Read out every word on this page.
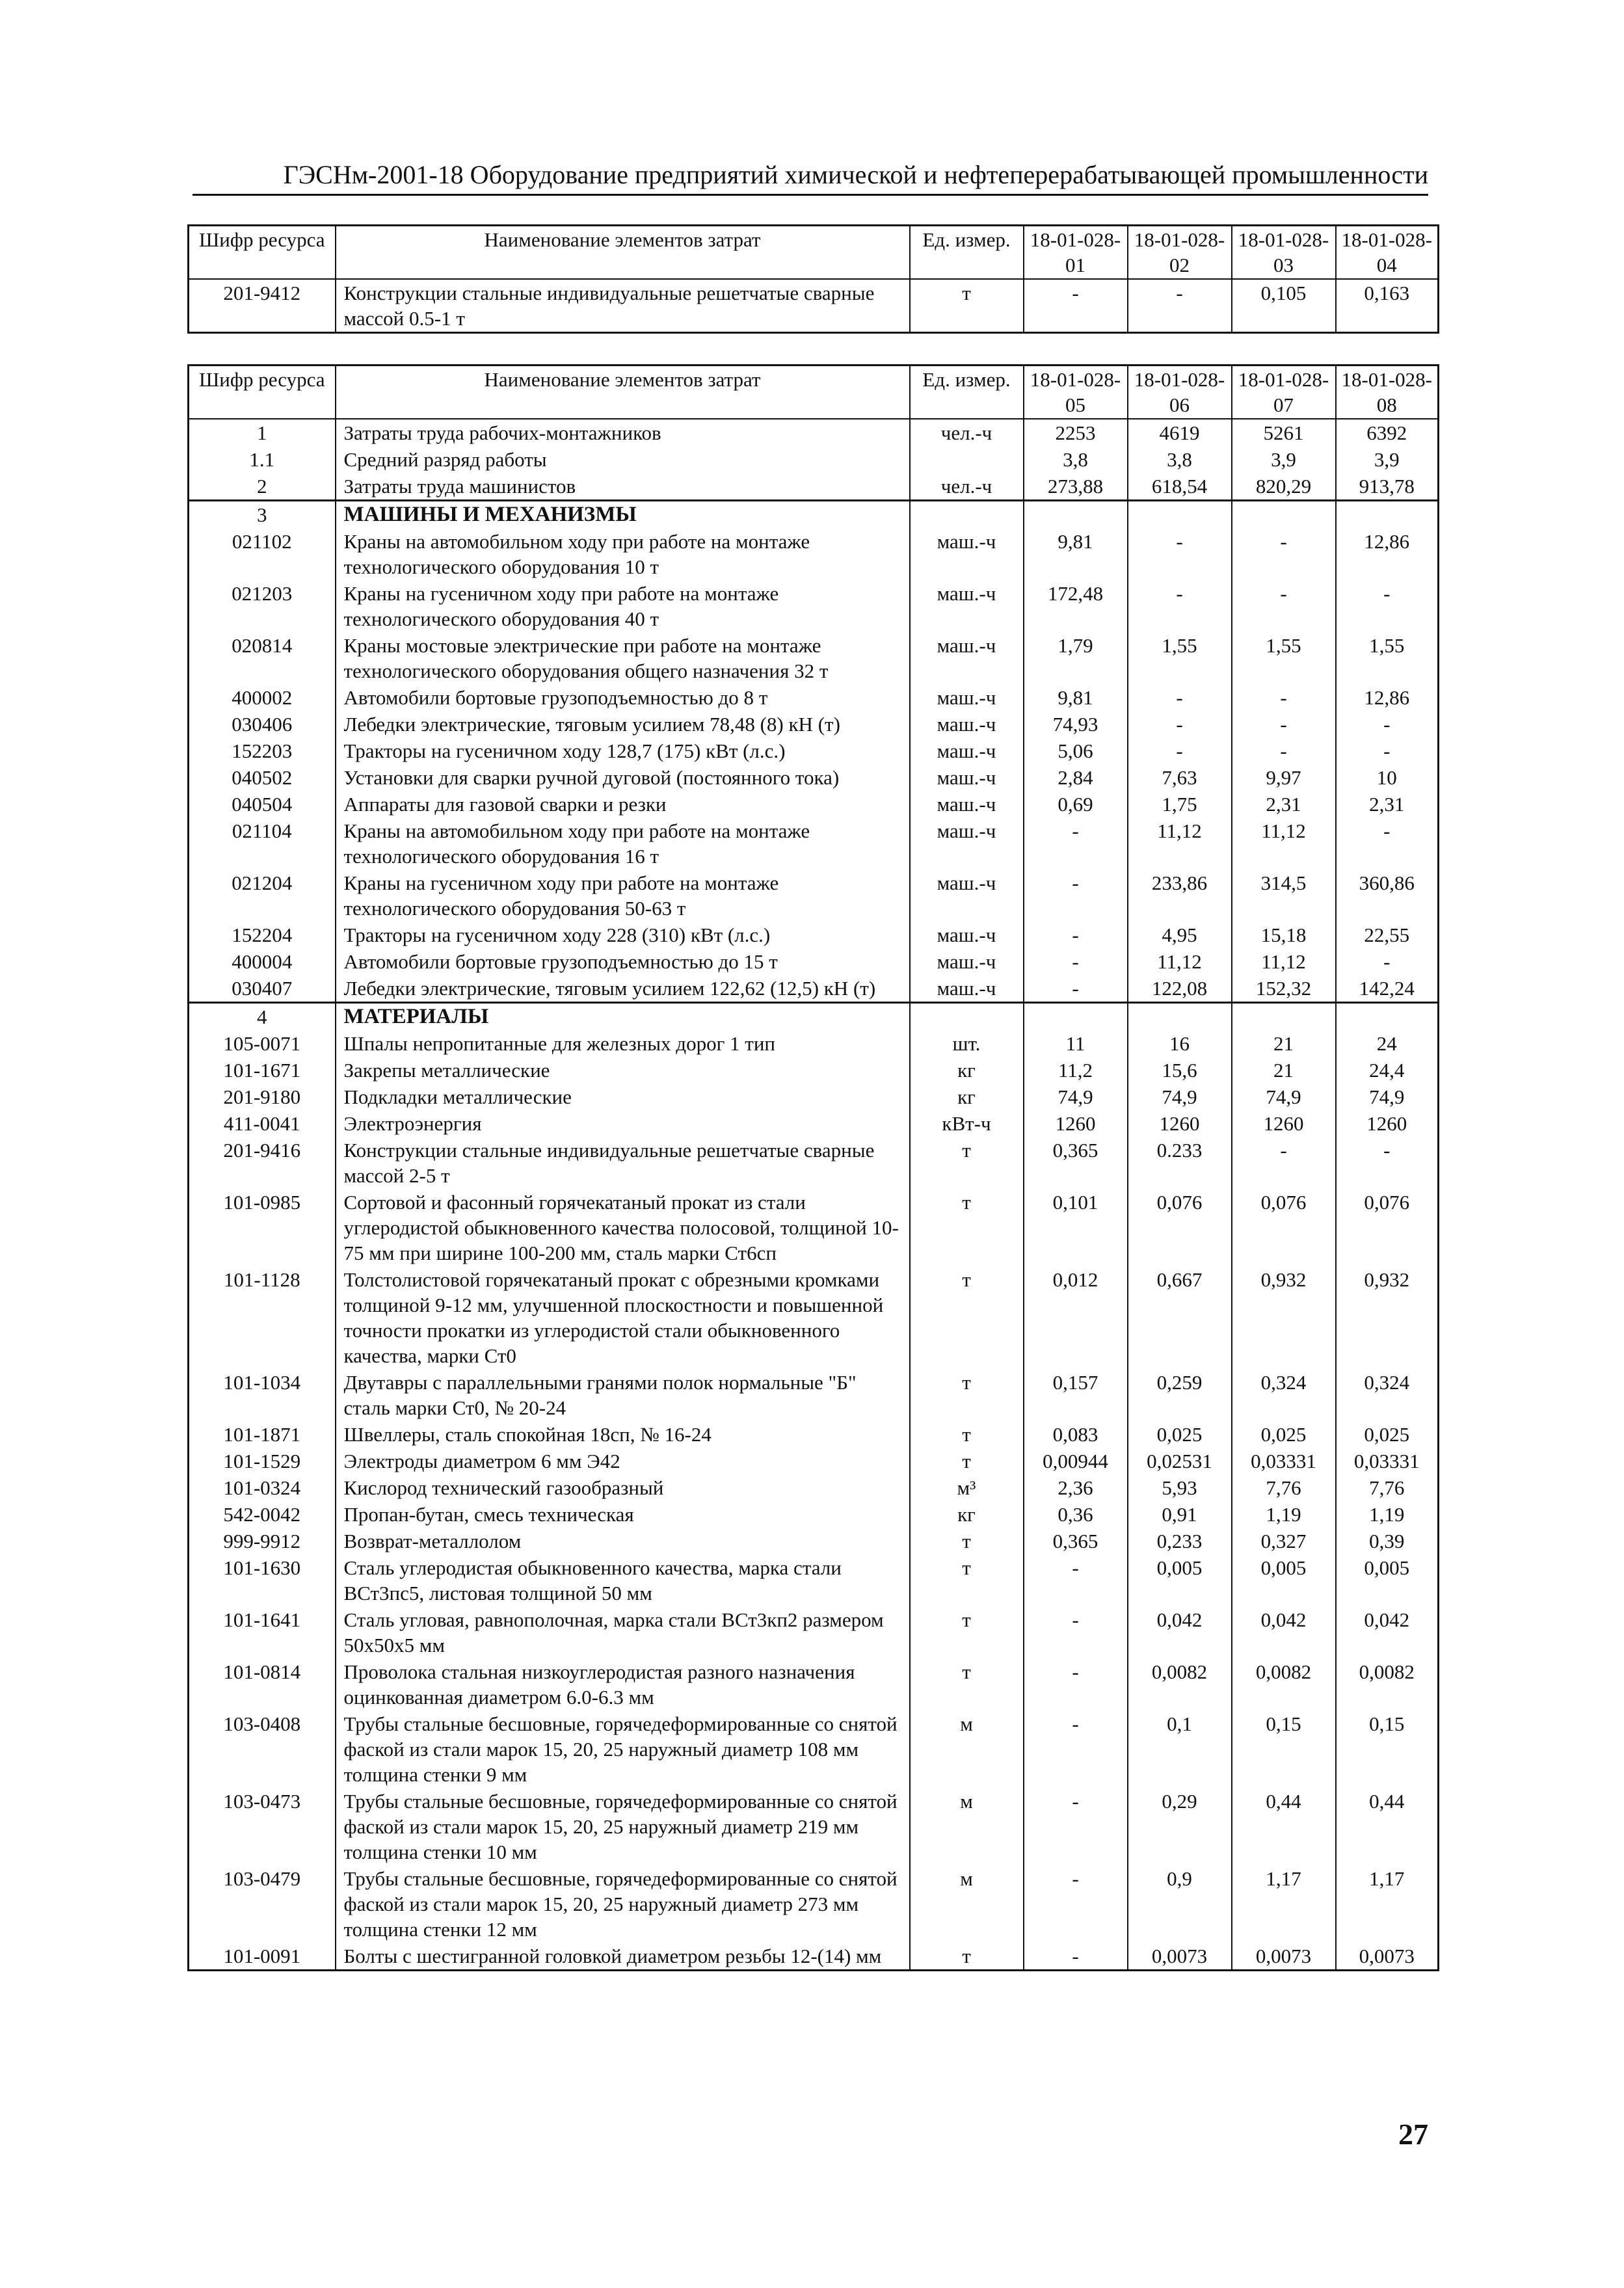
ГЭСНм-2001-18 Оборудование предприятий химической и нефтеперерабатывающей промышленности
Шифр ресурса	Наименование элементов затрат	Ед. измер.	18-01-028-01	18-01-028-02	18-01-028-03	18-01-028-04
201-9412	Конструкции стальные индивидуальные решетчатые сварные массой 0.5-1 т	т	-	-	0,105	0,163
Шифр ресурса	Наименование элементов затрат	Ед. измер.	18-01-028-05	18-01-028-06	18-01-028-07	18-01-028-08
1	Затраты труда рабочих-монтажников	чел.-ч	2253	4619	5261	6392
1.1	Средний разряд работы		3,8	3,8	3,9	3,9
2	Затраты труда машинистов	чел.-ч	273,88	618,54	820,29	913,78
3	МАШИНЫ И МЕХАНИЗМЫ					
021102	Краны на автомобильном ходу при работе на монтаже технологического оборудования 10 т	маш.-ч	9,81	-	-	12,86
021203	Краны на гусеничном ходу при работе на монтаже технологического оборудования 40 т	маш.-ч	172,48	-	-	-
020814	Краны мостовые электрические при работе на монтаже технологического оборудования общего назначения 32 т	маш.-ч	1,79	1,55	1,55	1,55
400002	Автомобили бортовые грузоподъемностью до 8 т	маш.-ч	9,81	-	-	12,86
030406	Лебедки электрические, тяговым усилием 78,48 (8) кН (т)	маш.-ч	74,93	-	-	-
152203	Тракторы на гусеничном ходу 128,7 (175) кВт (л.с.)	маш.-ч	5,06	-	-	-
040502	Установки для сварки ручной дуговой (постоянного тока)	маш.-ч	2,84	7,63	9,97	10
040504	Аппараты для газовой сварки и резки	маш.-ч	0,69	1,75	2,31	2,31
021104	Краны на автомобильном ходу при работе на монтаже технологического оборудования 16 т	маш.-ч	-	11,12	11,12	-
021204	Краны на гусеничном ходу при работе на монтаже технологического оборудования 50-63 т	маш.-ч	-	233,86	314,5	360,86
152204	Тракторы на гусеничном ходу 228 (310) кВт (л.с.)	маш.-ч	-	4,95	15,18	22,55
400004	Автомобили бортовые грузоподъемностью до 15 т	маш.-ч	-	11,12	11,12	-
030407	Лебедки электрические, тяговым усилием 122,62 (12,5) кН (т)	маш.-ч	-	122,08	152,32	142,24
4	МАТЕРИАЛЫ					
105-0071	Шпалы непропитанные для железных дорог 1 тип	шт.	11	16	21	24
101-1671	Закрепы металлические	кг	11,2	15,6	21	24,4
201-9180	Подкладки металлические	кг	74,9	74,9	74,9	74,9
411-0041	Электроэнергия	кВт-ч	1260	1260	1260	1260
201-9416	Конструкции стальные индивидуальные решетчатые сварные массой 2-5 т	т	0,365	0.233	-	-
101-0985	Сортовой и фасонный горячекатаный прокат из стали углеродистой обыкновенного качества полосовой, толщиной 10-75 мм при ширине 100-200 мм, сталь марки Ст6сп	т	0,101	0,076	0,076	0,076
101-1128	Толстолистовой горячекатаный прокат с обрезными кромками толщиной 9-12 мм, улучшенной плоскостности и повышенной точности прокатки из углеродистой стали обыкновенного качества, марки Ст0	т	0,012	0,667	0,932	0,932
101-1034	Двутавры с параллельными гранями полок нормальные "Б" сталь марки Ст0, № 20-24	т	0,157	0,259	0,324	0,324
101-1871	Швеллеры, сталь спокойная 18сп, № 16-24	т	0,083	0,025	0,025	0,025
101-1529	Электроды диаметром 6 мм Э42	т	0,00944	0,02531	0,03331	0,03331
101-0324	Кислород технический газообразный	м³	2,36	5,93	7,76	7,76
542-0042	Пропан-бутан, смесь техническая	кг	0,36	0,91	1,19	1,19
999-9912	Возврат-металлолом	т	0,365	0,233	0,327	0,39
101-1630	Сталь углеродистая обыкновенного качества, марка стали ВСт3пс5, листовая толщиной 50 мм	т	-	0,005	0,005	0,005
101-1641	Сталь угловая, равнополочная, марка стали ВСт3кп2 размером 50х50х5 мм	т	-	0,042	0,042	0,042
101-0814	Проволока стальная низкоуглеродистая разного назначения оцинкованная диаметром 6.0-6.3 мм	т	-	0,0082	0,0082	0,0082
103-0408	Трубы стальные бесшовные, горячедеформированные со снятой фаской из стали марок 15, 20, 25 наружный диаметр 108 мм толщина стенки 9 мм	м	-	0,1	0,15	0,15
103-0473	Трубы стальные бесшовные, горячедеформированные со снятой фаской из стали марок 15, 20, 25 наружный диаметр 219 мм толщина стенки 10 мм	м	-	0,29	0,44	0,44
103-0479	Трубы стальные бесшовные, горячедеформированные со снятой фаской из стали марок 15, 20, 25 наружный диаметр 273 мм толщина стенки 12 мм	м	-	0,9	1,17	1,17
101-0091	Болты с шестигранной головкой диаметром резьбы 12-(14) мм	т	-	0,0073	0,0073	0,0073
27
